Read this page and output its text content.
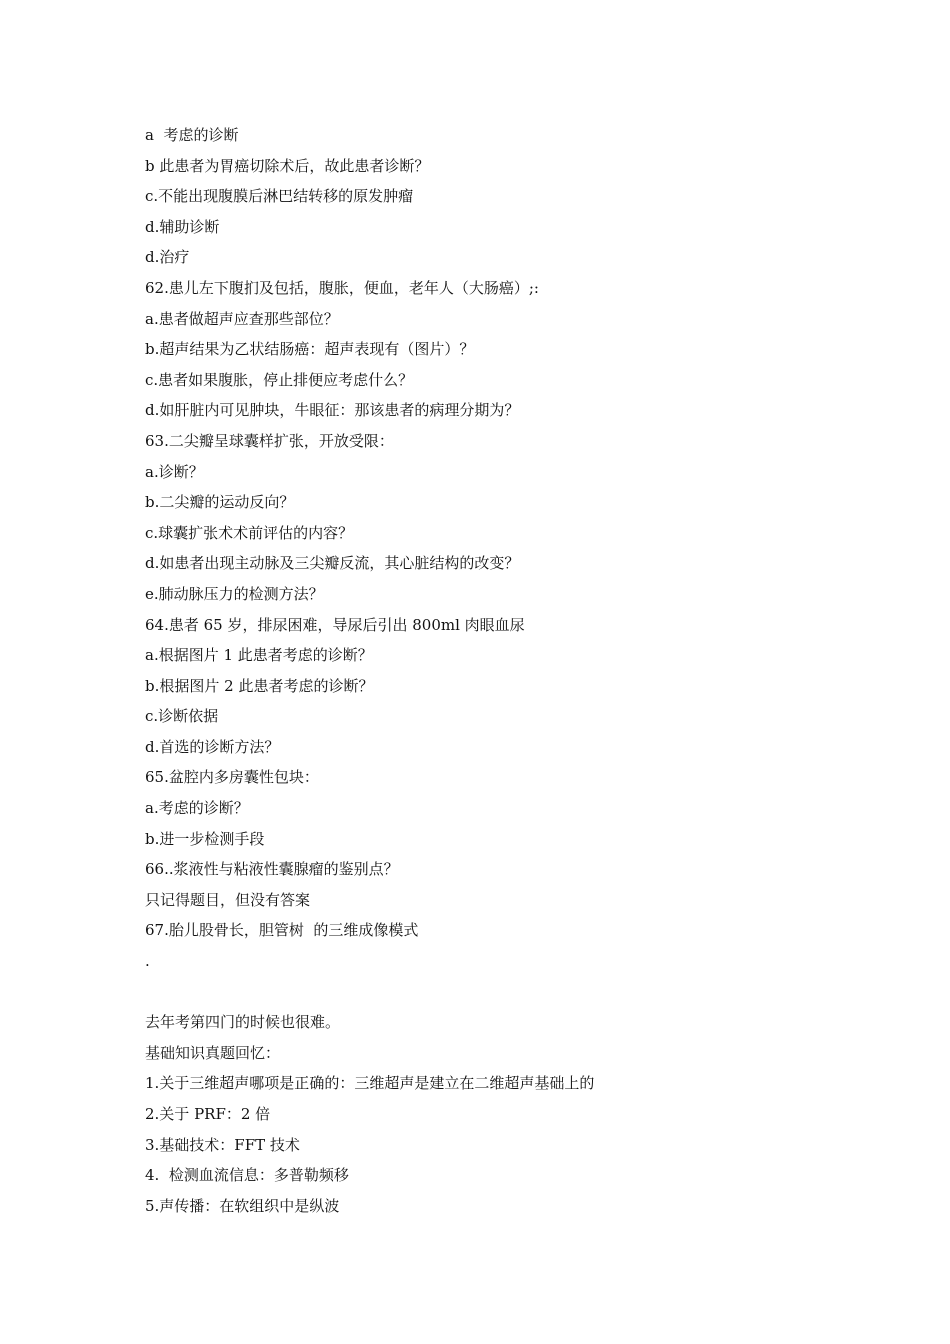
a  考虑的诊断
b 此患者为胃癌切除术后，故此患者诊断？
c.不能出现腹膜后淋巴结转移的原发肿瘤
d.辅助诊断
d.治疗
62.患儿左下腹扪及包括，腹胀，便血，老年人（大肠癌）;:
a.患者做超声应查那些部位？
b.超声结果为乙状结肠癌：超声表现有（图片）？
c.患者如果腹胀，停止排便应考虑什么？
d.如肝脏内可见肿块，牛眼征：那该患者的病理分期为？
63.二尖瓣呈球囊样扩张，开放受限：
a.诊断？
b.二尖瓣的运动反向？
c.球囊扩张术术前评估的内容？
d.如患者出现主动脉及三尖瓣反流，其心脏结构的改变？
e.肺动脉压力的检测方法？
64.患者 65 岁，排尿困难，导尿后引出 800ml 肉眼血尿
a.根据图片 1 此患者考虑的诊断？
b.根据图片 2 此患者考虑的诊断？
c.诊断依据
d.首选的诊断方法？
65.盆腔内多房囊性包块：
a.考虑的诊断？
b.进一步检测手段
66..浆液性与粘液性囊腺瘤的鉴别点？
只记得题目，但没有答案
67.胎儿股骨长，胆管树  的三维成像模式
.
去年考第四门的时候也很难。
基础知识真题回忆：
1.关于三维超声哪项是正确的：三维超声是建立在二维超声基础上的
2.关于 PRF：2 倍
3.基础技术：FFT 技术
4.  检测血流信息：多普勒频移
5.声传播：在软组织中是纵波
